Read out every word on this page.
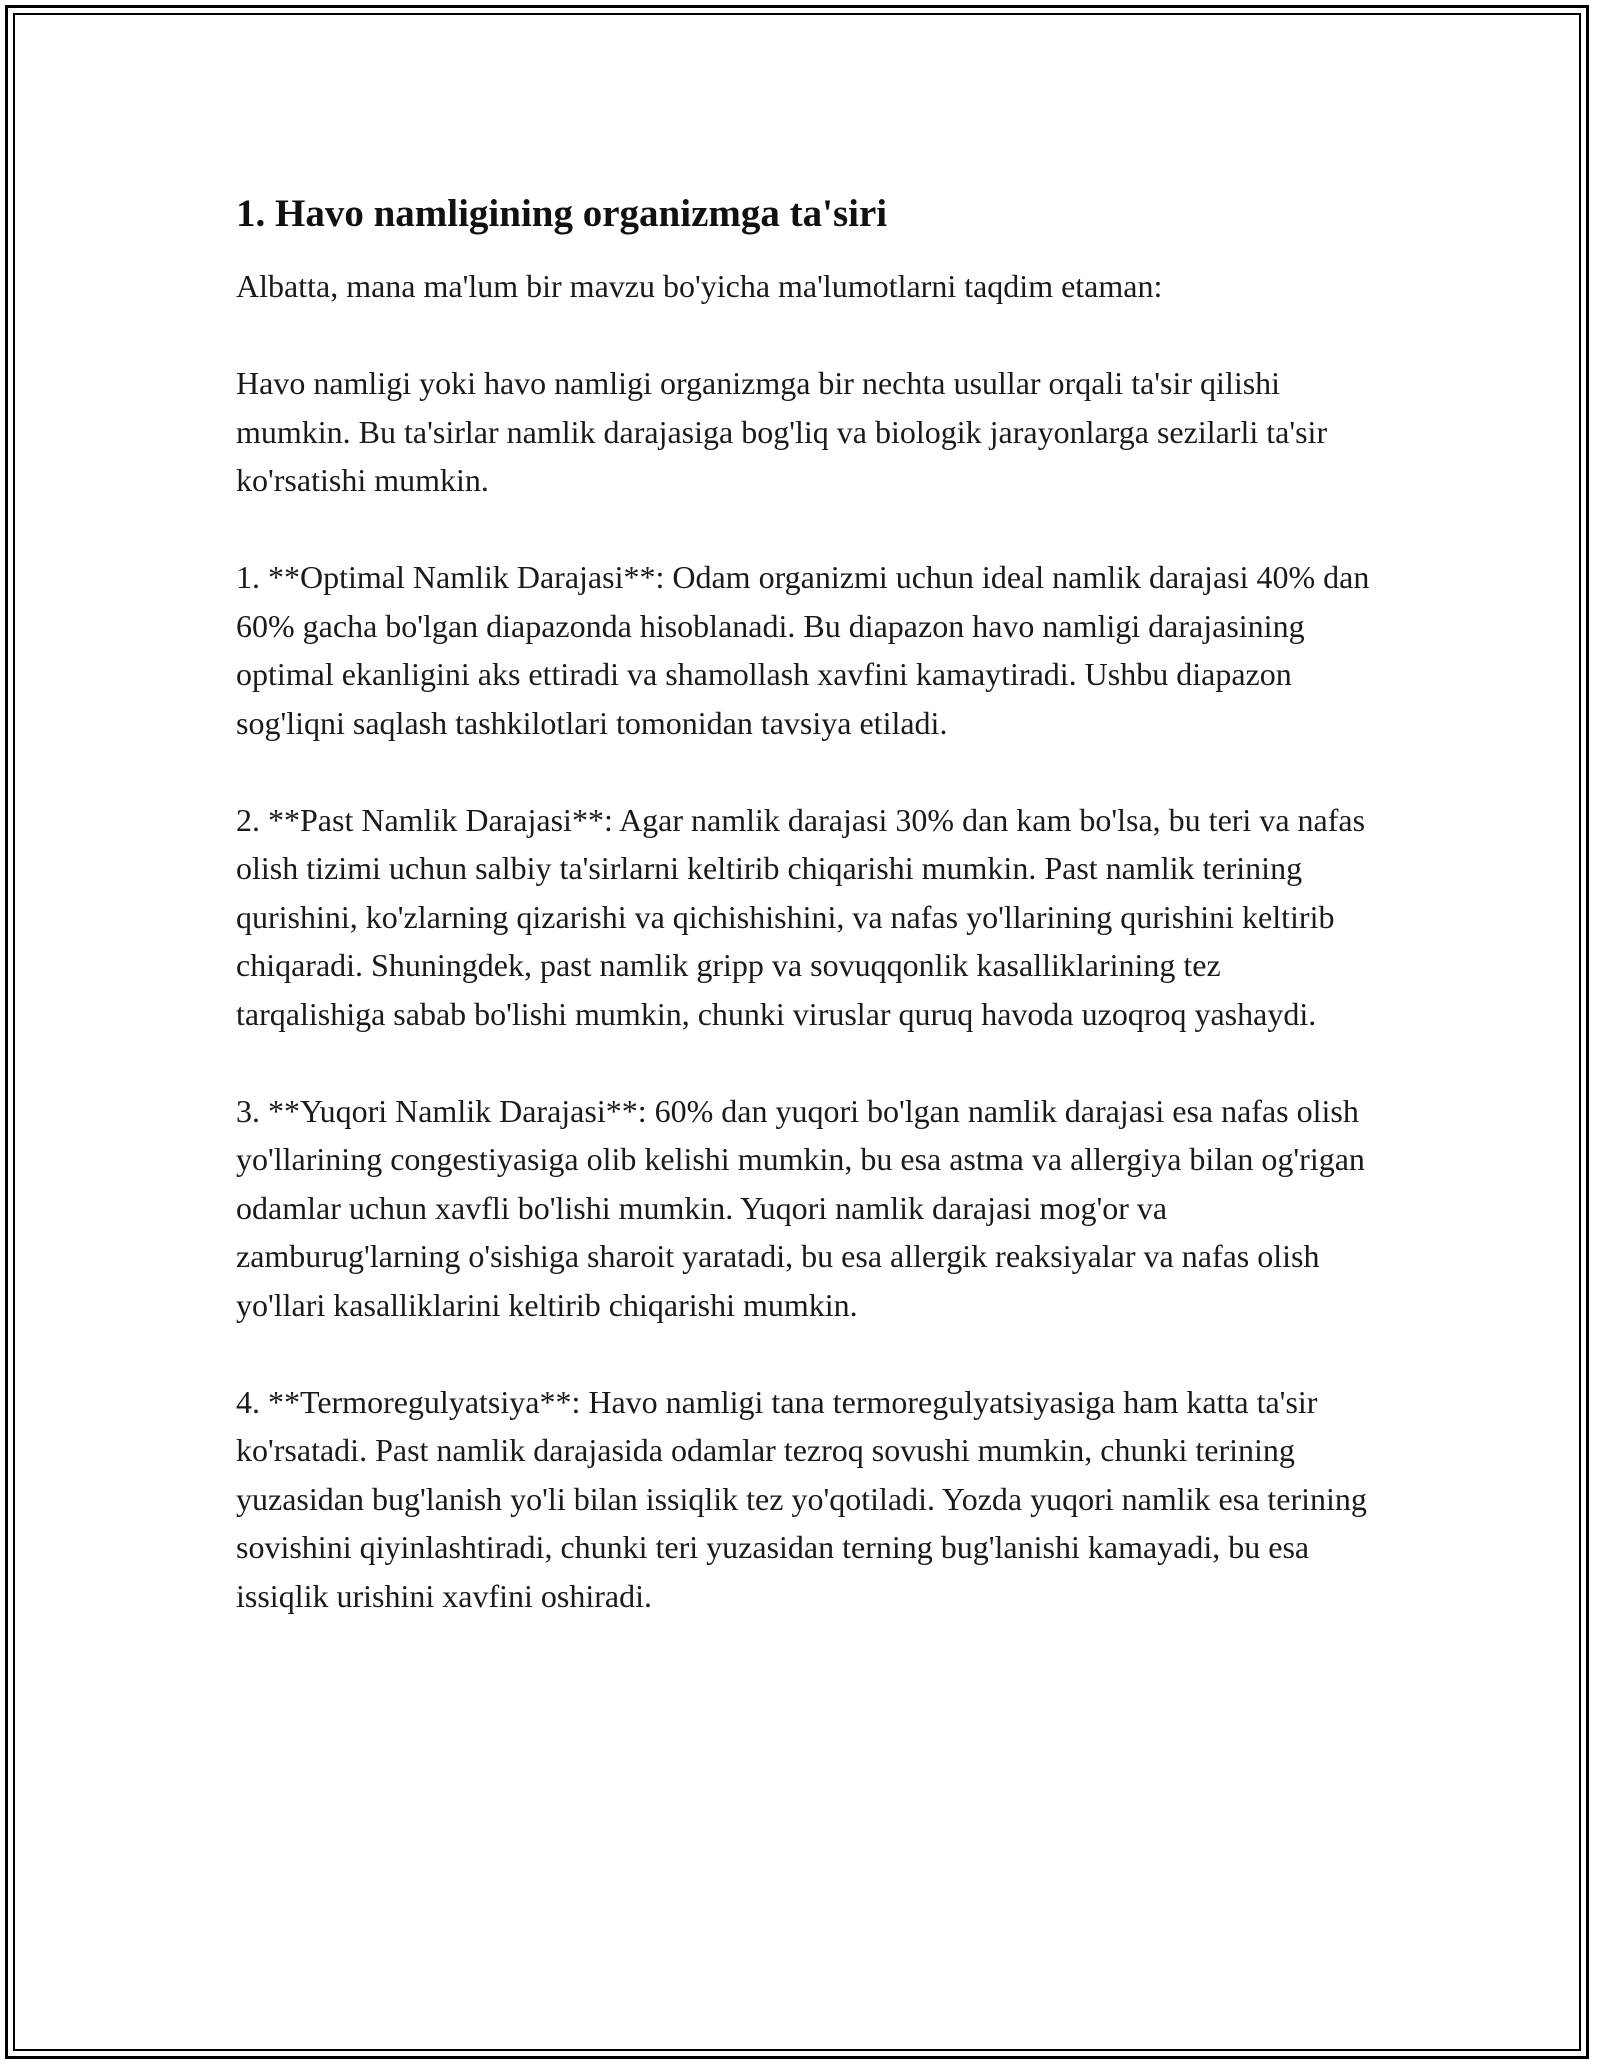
1. Havo namligining organizmga ta'siri

Albatta, mana ma'lum bir mavzu bo'yicha ma'lumotlarni taqdim etaman:

Havo namligi yoki havo namligi organizmga bir nechta usullar orqali ta'sir qilishi mumkin. Bu ta'sirlar namlik darajasiga bog'liq va biologik jarayonlarga sezilarli ta'sir ko'rsatishi mumkin.

1. **Optimal Namlik Darajasi**: Odam organizmi uchun ideal namlik darajasi 40% dan 60% gacha bo'lgan diapazonda hisoblanadi. Bu diapazon havo namligi darajasining optimal ekanligini aks ettiradi va shamollash xavfini kamaytiradi. Ushbu diapazon sog'liqni saqlash tashkilotlari tomonidan tavsiya etiladi.

2. **Past Namlik Darajasi**: Agar namlik darajasi 30% dan kam bo'lsa, bu teri va nafas olish tizimi uchun salbiy ta'sirlarni keltirib chiqarishi mumkin. Past namlik terining qurishini, ko'zlarning qizarishi va qichishishini, va nafas yo'llarining qurishini keltirib chiqaradi. Shuningdek, past namlik gripp va sovuqqonlik kasalliklarining tez tarqalishiga sabab bo'lishi mumkin, chunki viruslar quruq havoda uzoqroq yashaydi.

3. **Yuqori Namlik Darajasi**: 60% dan yuqori bo'lgan namlik darajasi esa nafas olish yo'llarining congestiyasiga olib kelishi mumkin, bu esa astma va allergiya bilan og'rigan odamlar uchun xavfli bo'lishi mumkin. Yuqori namlik darajasi mog'or va zamburug'larning o'sishiga sharoit yaratadi, bu esa allergik reaksiyalar va nafas olish yo'llari kasalliklarini keltirib chiqarishi mumkin.

4. **Termoregulyatsiya**: Havo namligi tana termoregulyatsiyasiga ham katta ta'sir ko'rsatadi. Past namlik darajasida odamlar tezroq sovushi mumkin, chunki terining yuzasidan bug'lanish yo'li bilan issiqlik tez yo'qotiladi. Yozda yuqori namlik esa terining sovishini qiyinlashtiradi, chunki teri yuzasidan terning bug'lanishi kamayadi, bu esa issiqlik urishini xavfini oshiradi.
